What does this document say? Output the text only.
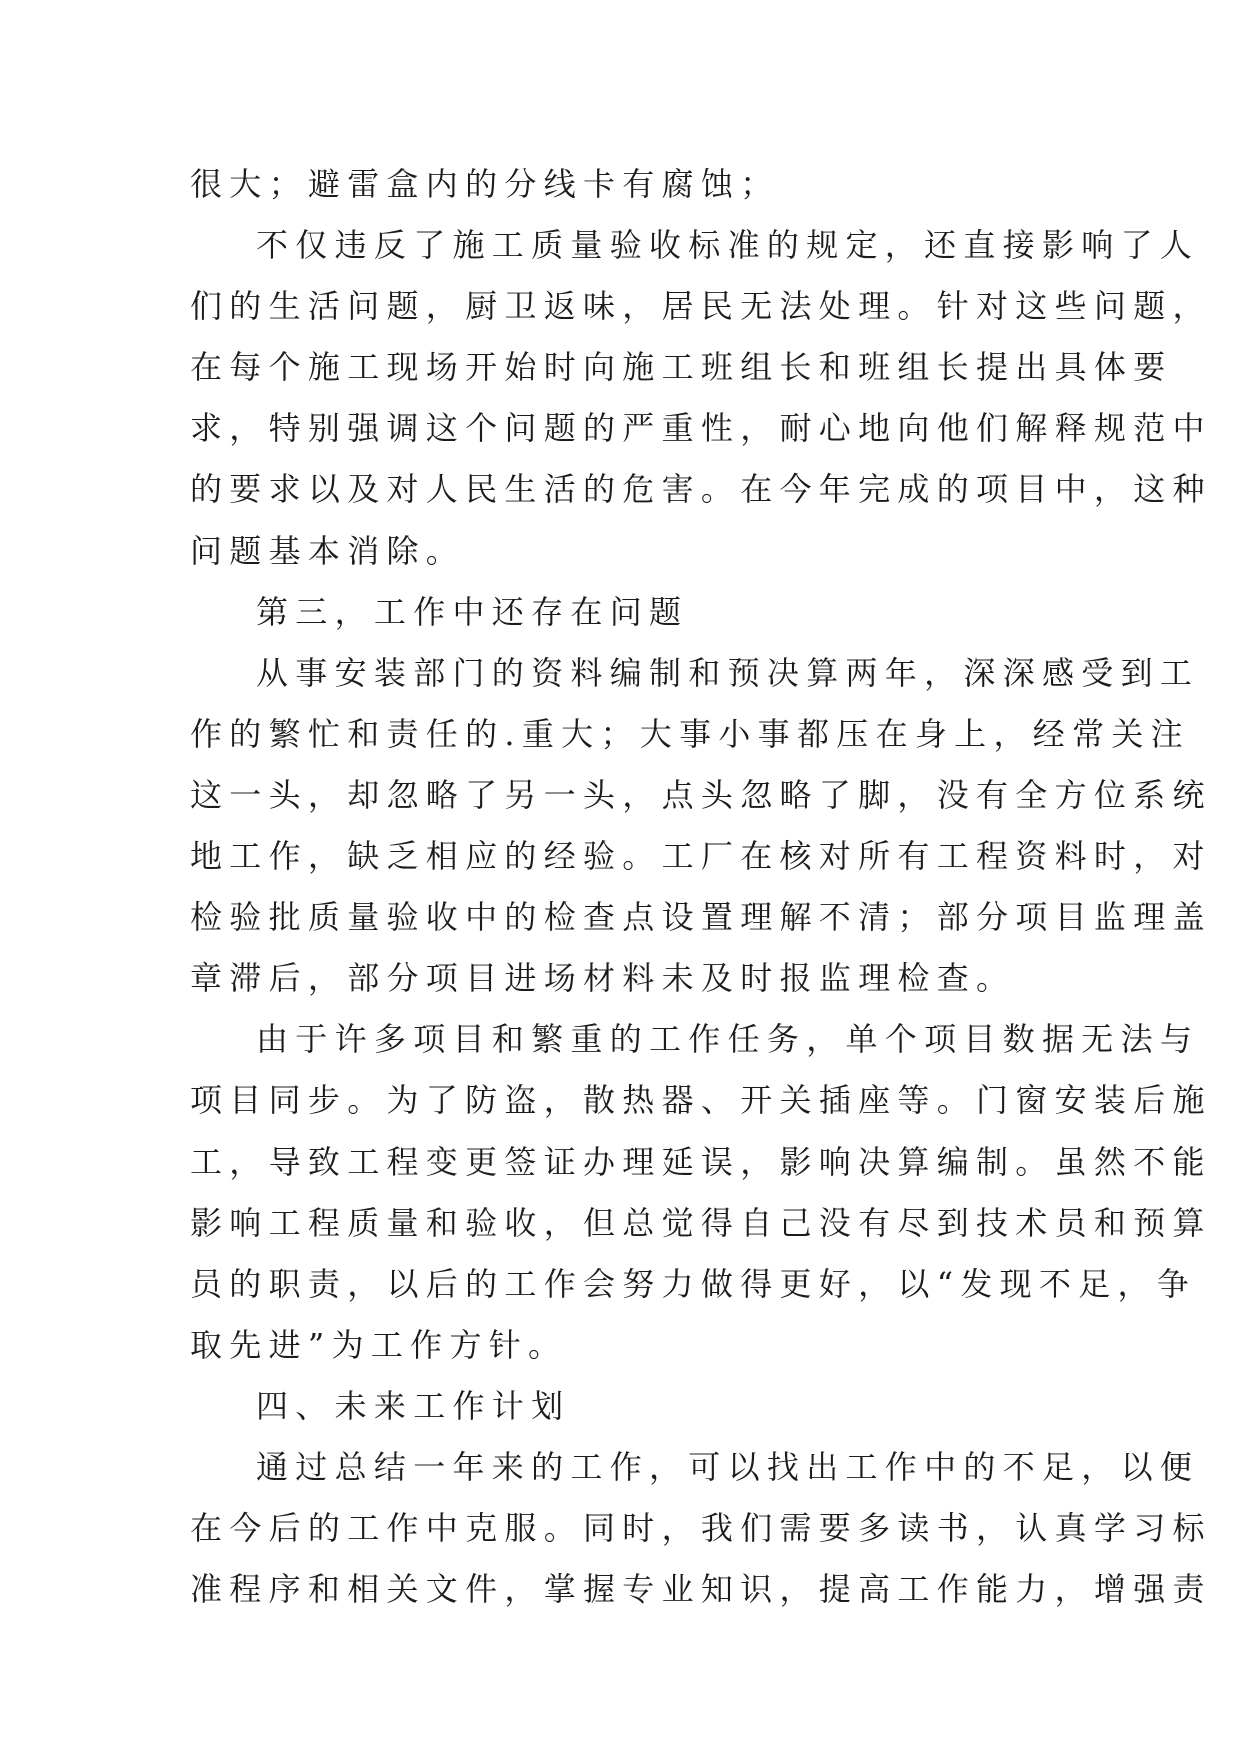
很大；避雷盒内的分线卡有腐蚀；

不仅违反了施工质量验收标准的规定，还直接影响了人

们的生活问题，厨卫返味，居民无法处理。针对这些问题，

在每个施工现场开始时向施工班组长和班组长提出具体要

求，特别强调这个问题的严重性，耐心地向他们解释规范中

的要求以及对人民生活的危害。在今年完成的项目中，这种

问题基本消除。

第三，工作中还存在问题

从事安装部门的资料编制和预决算两年，深深感受到工

作的繁忙和责任的.重大；大事小事都压在身上，经常关注

这一头，却忽略了另一头，点头忽略了脚，没有全方位系统

地工作，缺乏相应的经验。工厂在核对所有工程资料时，对

检验批质量验收中的检查点设置理解不清；部分项目监理盖

章滞后，部分项目进场材料未及时报监理检查。

由于许多项目和繁重的工作任务，单个项目数据无法与

项目同步。为了防盗，散热器、开关插座等。门窗安装后施

工，导致工程变更签证办理延误，影响决算编制。虽然不能

影响工程质量和验收，但总觉得自己没有尽到技术员和预算

员的职责，以后的工作会努力做得更好，以“发现不足，争

取先进”为工作方针。

四、未来工作计划

通过总结一年来的工作，可以找出工作中的不足，以便

在今后的工作中克服。同时，我们需要多读书，认真学习标

准程序和相关文件，掌握专业知识，提高工作能力，增强责
